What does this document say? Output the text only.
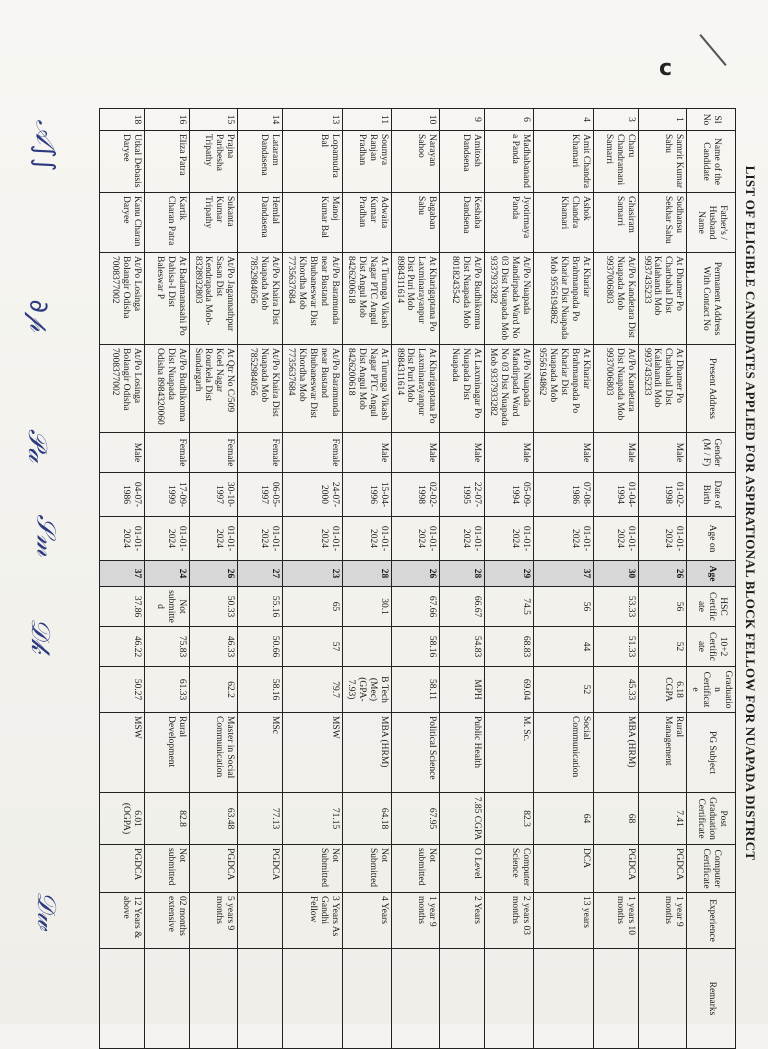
c
LIST OF ELIGIBLE CANDIDATES APPLIED FOR ASPIRATIONAL BLOCK FELLOW FOR NUAPADA DISTRICT
Sl No	Name of the Candidate	Father's / Husband Name	Permanent Address With Contact No	Present Address	Gender (M / F)	Date of Birth	Age on	Age	HSC Certificate	10+2 Certificate	Graduation Certificate	PG Subject	Post Graduation Certificate	Computer Certificate	Experience	Remarks
1	Samrit Kumar Sahu	Sudhansu Sekhar Sahu	At Dhamer Po Charbahal Dist Kalahandi Mob 9937435233	At Dhamer Po Charbahal Dist Kalahandi Mob 9937435233	Male	01-02-1998	01-01-2024	26	56	52	6.18 CGPA	Rural Management	7.41	PGDCA	1 year 9 months	
3	Charu Chandramani Samarri	Ghasiram Samarri	At/Po Kandetara Dist Nuapada Mob 9937006803	At/Po Kandetara Dist Nuapada Mob 9937006803	Male	01-04-1994	01-01-2024	30	53.33	51.33	45.33	MBA (HRM)	68	PGDCA	1 years 10 months	
4	Amit Chandra Khamari	Ashok Chandra Khamari	At Khariar Brahmanpada Po Khariar Dist Nuapada Mob 9556194862	At Khariar Brahmanpada Po Khariar Dist Nuapada Mob 9556194862	Male	07-08-1986	01-01-2024	37	56	44	52	Social Communication	64	DCA	13 years	
6	Madhabananda Panda	Jyotirmaya Panda	At/Po Nuapada Mandirpada Ward No 03 Dist Nuapada Mob 9337933282	At/Po Nuapada Mandirpada Ward No 03 Dist Nuapada Mob 9337933282	Male	05-09-1994	01-01-2024	29	74.5	68.83	69.04	M. Sc.	82.3	Computer Science	2 years 03 months	
9	Amitosh Dandsena	Keshaba Dandsena	At/Po Budhikomna Dist Nuapada Mob 8018243542	At Laxminagar Po Nuapada Dist Nuapada	Male	22-07-1995	01-01-2024	28	66.67	54.83	MPH	Public Health	7.85 CGPA	O Level	2 Years	
10	Narayan Sahoo	Bagaban Sahu	At Kharigaptana Po Laxminarayanpur Dist Puri Mob 8984311614	At Kharigaptana Po Laxminarayanpur Dist Puri Mob 8984311614	Male	02-02-1998	01-01-2024	26	67.66	58.16	58.11	Political Science	67.95	Not submitted	1 year 9 months	
11	Soumya Ranjan Pradhan	Adwaita Kumar Pradhan	At Turunga Vikash Nagar PTC Angul Dist Angul Mob 8426200618	At Turunga Vikash Nagar PTC Angul Dist Angul Mob 8426200618	Male	15-04-1996	01-01-2024	28	30.1		B Tech (Mec) (GPA-7.93)	MBA (HRM)	64.18	Not Submitted	4 Years	
13	Lopamudra Bal	Manoj Kumar Bal	At/Po Baramunda near Bustand Bhubaneswar Dist Khordha Mob 7735637684	At/Po Baramunda near Bustand Bhubaneswar Dist Khordha Mob 7735637684	Female	24-07-2000	01-01-2024	23	65	57	79.7	MSW	71.15	Not Submitted	3 Years As Gandhi Fellow	
14	Lataram Dandasena	Hemlal Dandasena	At/Po Khaira Dist Nuapada Mob 7852984056	At/Po Khaira Dist Nuapada Mob 7852984056	Female	06-05-1997	01-01-2024	27	55.16	50.66	58.16	MSc	77.13	PGDCA		
15	Prajna Paribesha Tripathy	Sukanta Kumar Tripathy	At/Po Jagannathpur Sasan Dist Kendrapada Mob-8328932803	At Qtr No C/509 Koel Nagar Rourkela Dist Sundargarh	Female	30-10-1997	01-01-2024	26	50.33	46.33	62.2	Master in Social Communication	63.48	PGDCA	5 years 9 months	
16	Eliza Patra	Kartik Charan Patra	At Badamanasahi Po Dahisa-I Dist Baleswar P	At/Po Budhikomna Dist Nuapada Odisha 8984320060	Female	17-09-1999	01-01-2024	24	Not submitted	75.83	61.33	Rural Development	82.8	Not submitted	02 months extensive	
18	Utkal Debasis Daryee	Kanu Charan Daryee	At/Po Losinga Bolangir Odisha 7008377002	At/Po Losinga Bolangir Odisha 7008377002	Male	04-07-1986	01-01-2024	37	37.86	46.22	50.27	MSW	6.01 (OGPA)	PGDCA	12 Years & above	
𝒜∫∫
∂𝓅
𝒫𝒶
𝒮𝓂
𝒟𝓀
𝒟𝓌
